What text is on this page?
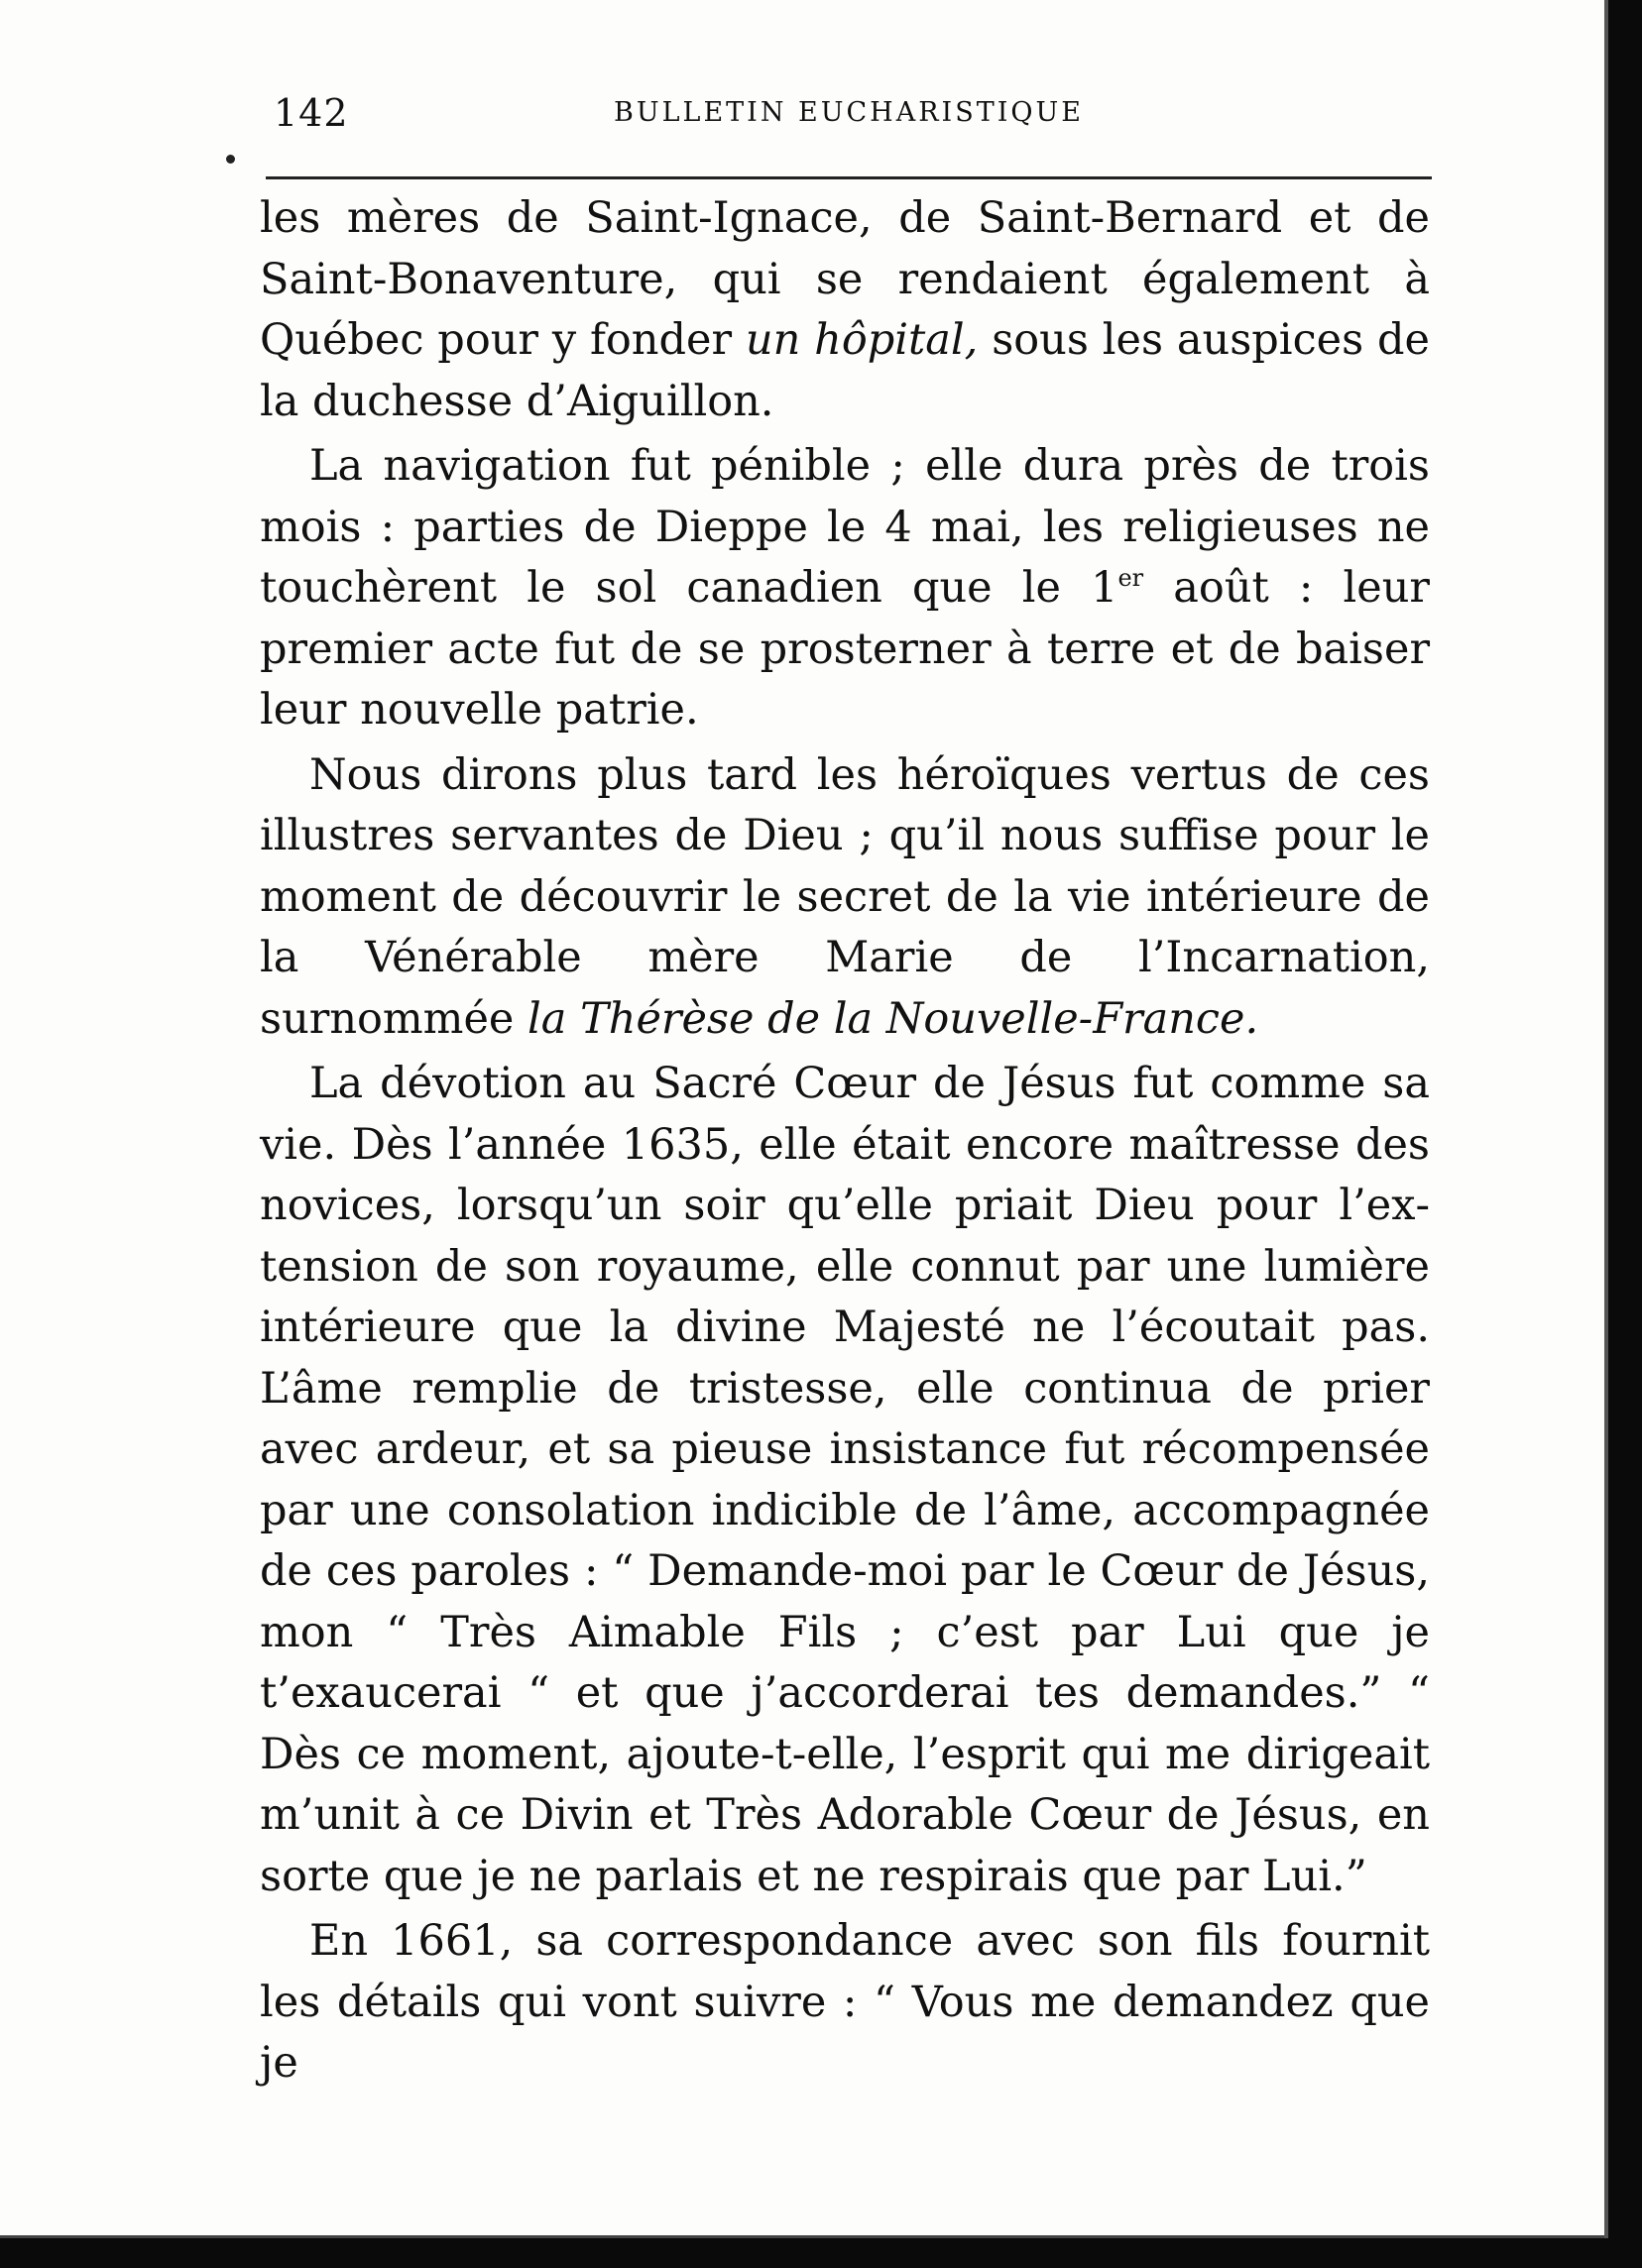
142	BULLETIN EUCHARISTIQUE

les mères de Saint-Ignace, de Saint-Bernard et de Saint-Bonaventure, qui se rendaient également à Québec pour y fonder un hôpital, sous les auspices de la duchesse d’Aiguillon.

La navigation fut pénible ; elle dura près de trois mois : parties de Dieppe le 4 mai, les religieuses ne touchèrent le sol canadien que le 1er août : leur premier acte fut de se prosterner à terre et de baiser leur nouvelle patrie.

Nous dirons plus tard les héroïques vertus de ces illustres servantes de Dieu ; qu’il nous suffise pour le moment de découvrir le secret de la vie intérieure de la Vénérable mère Marie de l’Incarnation, surnommée la Thérèse de la Nouvelle-France.

La dévotion au Sacré Cœur de Jésus fut comme sa vie. Dès l’année 1635, elle était encore maîtresse des novices, lorsqu’un soir qu’elle priait Dieu pour l’extension de son royaume, elle connut par une lumière intérieure que la divine Majesté ne l’écoutait pas. L’âme remplie de tristesse, elle continua de prier avec ardeur, et sa pieuse insistance fut récompensée par une consolation indicible de l’âme, accompagnée de ces paroles : “ Demande-moi par le Cœur de Jésus, mon “ Très Aimable Fils ; c’est par Lui que je t’exaucerai “ et que j’accorderai tes demandes.” “ Dès ce moment, ajoute-t-elle, l’esprit qui me dirigeait m’unit à ce Divin et Très Adorable Cœur de Jésus, en sorte que je ne parlais et ne respirais que par Lui.”

En 1661, sa correspondance avec son fils fournit les détails qui vont suivre : “ Vous me demandez que je
